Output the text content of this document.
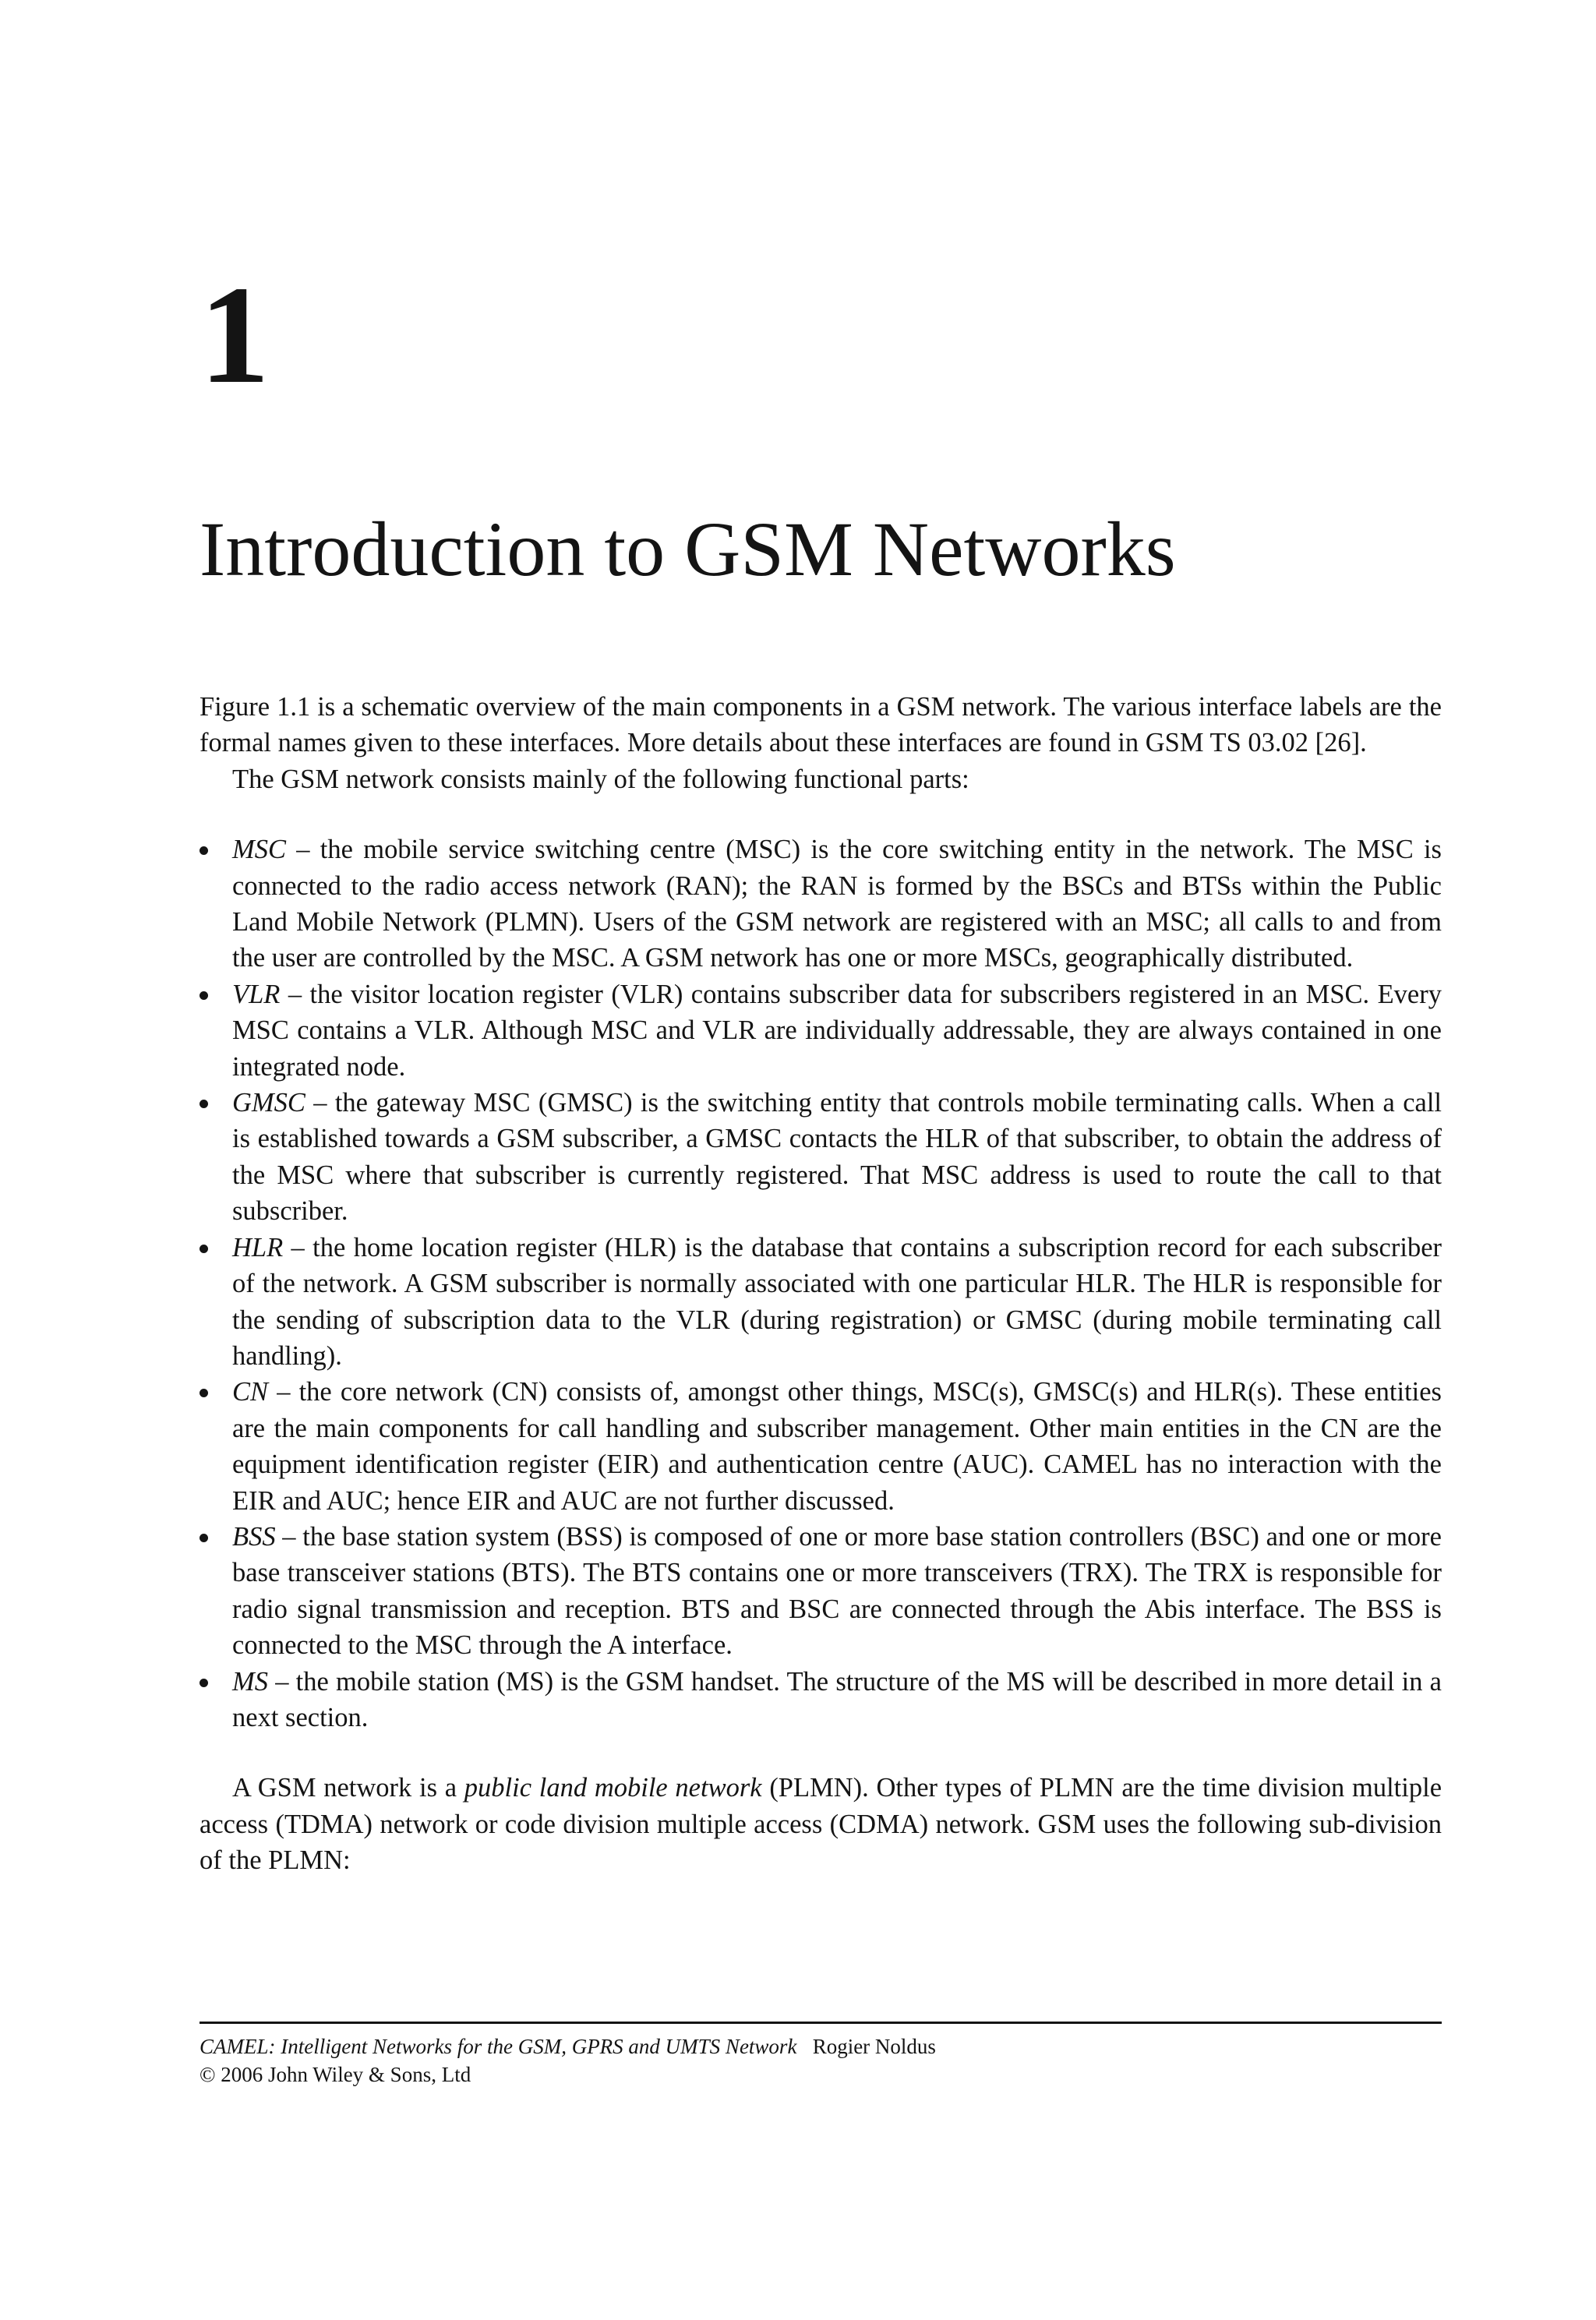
1
Introduction to GSM Networks

Figure 1.1 is a schematic overview of the main components in a GSM network. The various interface labels are the formal names given to these interfaces. More details about these interfaces are found in GSM TS 03.02 [26].

The GSM network consists mainly of the following functional parts:

MSC – the mobile service switching centre (MSC) is the core switching entity in the network. The MSC is connected to the radio access network (RAN); the RAN is formed by the BSCs and BTSs within the Public Land Mobile Network (PLMN). Users of the GSM network are registered with an MSC; all calls to and from the user are controlled by the MSC. A GSM network has one or more MSCs, geographically distributed.
VLR – the visitor location register (VLR) contains subscriber data for subscribers registered in an MSC. Every MSC contains a VLR. Although MSC and VLR are individually addressable, they are always contained in one integrated node.
GMSC – the gateway MSC (GMSC) is the switching entity that controls mobile terminating calls. When a call is established towards a GSM subscriber, a GMSC contacts the HLR of that subscriber, to obtain the address of the MSC where that subscriber is currently registered. That MSC address is used to route the call to that subscriber.
HLR – the home location register (HLR) is the database that contains a subscription record for each subscriber of the network. A GSM subscriber is normally associated with one particular HLR. The HLR is responsible for the sending of subscription data to the VLR (during registration) or GMSC (during mobile terminating call handling).
CN – the core network (CN) consists of, amongst other things, MSC(s), GMSC(s) and HLR(s). These entities are the main components for call handling and subscriber management. Other main entities in the CN are the equipment identification register (EIR) and authentication centre (AUC). CAMEL has no interaction with the EIR and AUC; hence EIR and AUC are not further discussed.
BSS – the base station system (BSS) is composed of one or more base station controllers (BSC) and one or more base transceiver stations (BTS). The BTS contains one or more transceivers (TRX). The TRX is responsible for radio signal transmission and reception. BTS and BSC are connected through the Abis interface. The BSS is connected to the MSC through the A interface.
MS – the mobile station (MS) is the GSM handset. The structure of the MS will be described in more detail in a next section.

A GSM network is a public land mobile network (PLMN). Other types of PLMN are the time division multiple access (TDMA) network or code division multiple access (CDMA) network. GSM uses the following sub-division of the PLMN:

CAMEL: Intelligent Networks for the GSM, GPRS and UMTS Network Rogier Noldus

© 2006 John Wiley & Sons, Ltd
